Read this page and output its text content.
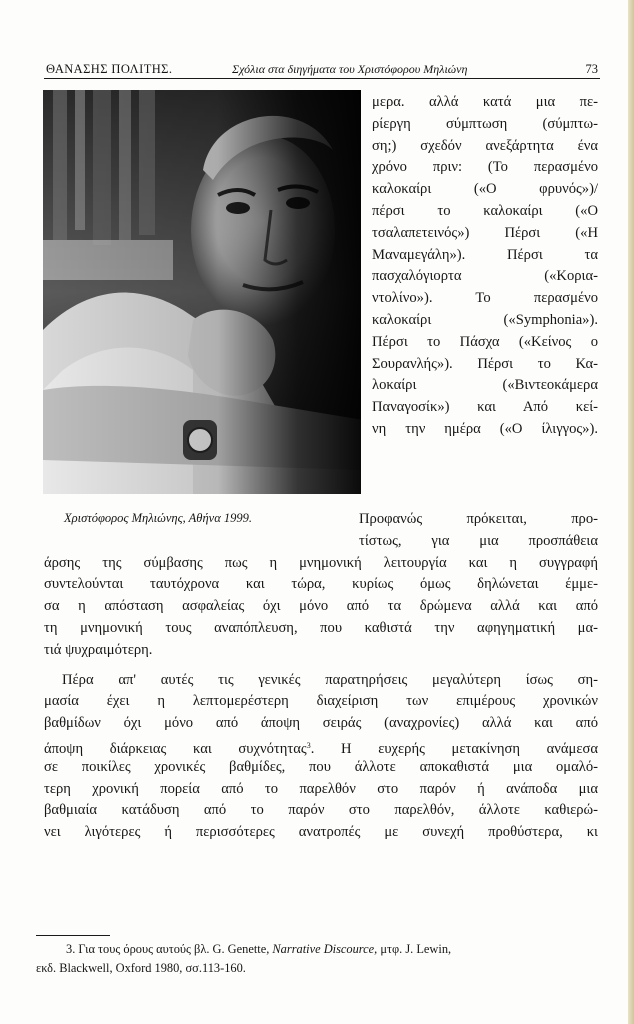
ΘΑΝΑΣΗΣ ΠΟΛΙΤΗΣ.	Σχόλια στα διηγήματα του Χριστόφορου Μηλιώνη	73
Χριστόφορος Μηλιώνης, Αθήνα 1999.
μερα. αλλά κατά μια πε-
ρίεργη σύμπτωση (σύμπτω-
ση;) σχεδόν ανεξάρτητα ένα
χρόνο πριν: (Το περασμένο
καλοκαίρι («Ο φρυνός»)/
πέρσι το καλοκαίρι («Ο
τσαλαπετεινός») Πέρσι («Η
Μαναμεγάλη»). Πέρσι τα
πασχαλόγιορτα («Κορια-
ντολίνο»). Το περασμένο
καλοκαίρι («Symphonia»).
Πέρσι το Πάσχα («Κείνος ο
Σουρανλής»). Πέρσι το Κα-
λοκαίρι («Βιντεοκάμερα
Παναγοσίκ») και Από κεί-
νη την ημέρα («Ο ίλιγγος»).
Προφανώς πρόκειται, προ-
τίστως, για μια προσπάθεια
άρσης της σύμβασης πως η μνημονική λειτουργία και η συγγραφή
συντελούνται ταυτόχρονα και τώρα, κυρίως όμως δηλώνεται έμμε-
σα η απόσταση ασφαλείας όχι μόνο από τα δρώμενα αλλά και από
τη μνημονική τους αναπόπλευση, που καθιστά την αφηγηματική μα-
τιά ψυχραιμότερη.
Πέρα απ' αυτές τις γενικές παρατηρήσεις μεγαλύτερη ίσως ση-
μασία έχει η λεπτομερέστερη διαχείριση των επιμέρους χρονικών
βαθμίδων όχι μόνο από άποψη σειράς (αναχρονίες) αλλά και από
άποψη διάρκειας και συχνότητας$^3$. Η ευχερής μετακίνηση ανάμεσα
σε ποικίλες χρονικές βαθμίδες, που άλλοτε αποκαθιστά μια ομαλό-
τερη χρονική πορεία από το παρελθόν στο παρόν ή ανάποδα μια
βαθμιαία κατάδυση από το παρόν στο παρελθόν, άλλοτε καθιερώ-
νει λιγότερες ή περισσότερες ανατροπές με συνεχή προθύστερα, κι
3. Για τους όρους αυτούς βλ. G. Genette, Narrative Discource, μτφ. J. Lewin,
εκδ. Blackwell, Oxford 1980, σσ.113-160.
